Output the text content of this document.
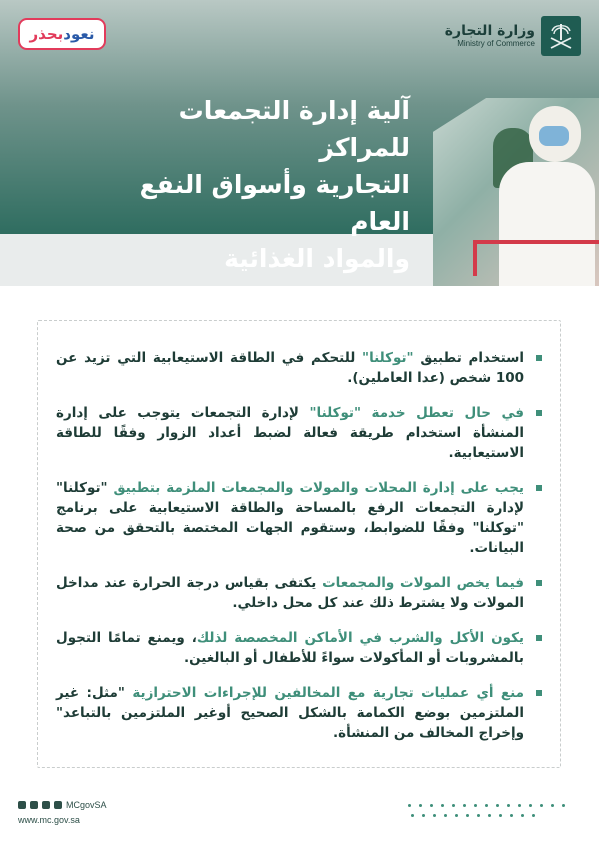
بحذر نعود	وزارة التجارة
Ministry of Commerce
آلية إدارة التجمعات للمراكز
التجارية وأسواق النفع العام
والمواد الغذائية
استخدام تطبيق "توكلنا" للتحكم في الطاقة الاستيعابية التي تزيد عن 100 شخص (عدا العاملين).
في حال تعطل خدمة "توكلنا" لإدارة التجمعات يتوجب على إدارة المنشأة استخدام طريقة فعالة لضبط أعداد الزوار وفقًا للطاقة الاستيعابية.
يجب على إدارة المحلات والمولات والمجمعات الملزمة بتطبيق "توكلنا" لإدارة التجمعات الرفع بالمساحة والطاقة الاستيعابية على برنامج "توكلنا" وفقًا للضوابط، وستقوم الجهات المختصة بالتحقق من صحة البيانات.
فيما يخص المولات والمجمعات يكتفى بقياس درجة الحرارة عند مداخل المولات ولا يشترط ذلك عند كل محل داخلي.
يكون الأكل والشرب في الأماكن المخصصة لذلك، ويمنع تمامًا التجول بالمشروبات أو المأكولات سواءً للأطفال أو البالغين.
منع أي عمليات تجارية مع المخالفين للإجراءات الاحترازية "مثل: غير الملتزمين بوضع الكمامة بالشكل الصحيح أوغير الملتزمين بالتباعد" وإخراج المخالف من المنشأة.
MCgovSA
www.mc.gov.sa
